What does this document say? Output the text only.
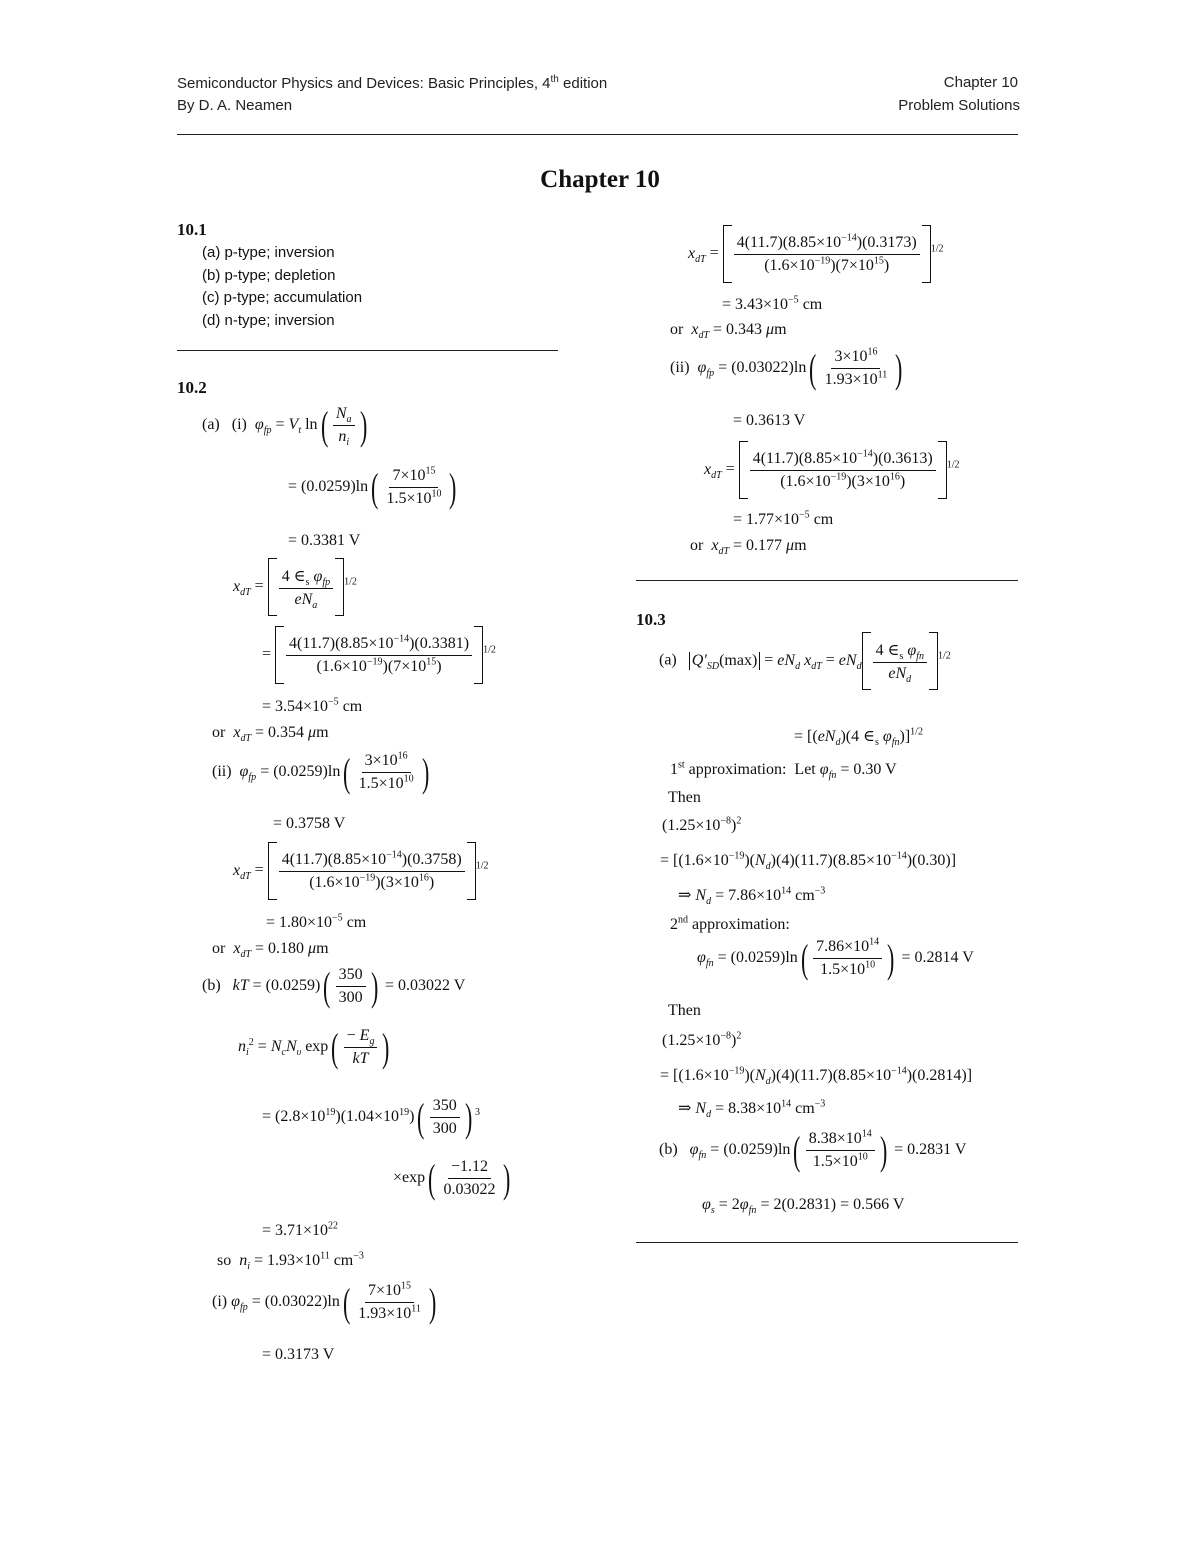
Semiconductor Physics and Devices: Basic Principles, 4th edition
By D. A. Neamen
Chapter 10
Problem Solutions
Chapter 10
10.1
(a) p-type; inversion
(b) p-type; depletion
(c) p-type; accumulation
(d) n-type; inversion
10.2
(a)   (i)  $\varphi_{fp} = V_t$ $\ln( \frac{N_a}{n_i}$ )
= $(0.0259)\ln( \frac{7\times 10^{15}}{1.5\times 10^{10}}$ )
= 0.3381 V
$x_{dT} = \frac{4 \in_s \varphi_{fp}}{eN_a} ^{1/2}$
= $\frac{4(11.7)(8.85\times 10^{-14})(0.3381)}{(1.6\times 10^{-19})(7\times 10^{15})} ^{1/2}$
= $3.54\times 10^{-5}$ cm
or  $x_{dT} = 0.354$ μm
(ii)  $\varphi_{fp} = (0.0259)\ln( \frac{3\times 10^{16}}{1.5\times 10^{10}}$ )
= 0.3758 V
$x_{dT} = \frac{4(11.7)(8.85\times 10^{-14})(0.3758)}{(1.6\times 10^{-19})(3\times 10^{16})} ^{1/2}$
= $1.80\times 10^{-5}$ cm
or  $x_{dT} = 0.180$ μm
(b)   kT = $(0.0259)( \frac{350}{300}$ ) = 0.03022 V
$n_i^2 = N_cN_\upsilon$ $\exp( \frac{- E_g}{kT}$ )
= $(2.8\times 10^{19})(1.04\times 10^{19})( \frac{350}{300}$ ) $^3$
$\times\exp( \frac{-1.12}{0.03022}$ )
= $3.71\times 10^{22}$
so  $n_i = 1.93\times 10^{11}$ $cm^{-3}$
(i) $\varphi_{fp} = (0.03022)\ln( \frac{7\times 10^{15}}{1.93\times 10^{11}}$ )
= 0.3173 V
$x_{dT} = \frac{4(11.7)(8.85\times 10^{-14})(0.3173)}{(1.6\times 10^{-19})(7\times 10^{15})} ^{1/2}$
= $3.43\times 10^{-5}$ cm
or  $x_{dT} = 0.343$ μm
(ii)  $\varphi_{fp} = (0.03022)\ln( \frac{3\times 10^{16}}{1.93\times 10^{11}}$ )
= 0.3613 V
$x_{dT} = \frac{4(11.7)(8.85\times 10^{-14})(0.3613)}{(1.6\times 10^{-19})(3\times 10^{16})} ^{1/2}$
= $1.77\times 10^{-5}$ cm
or  $x_{dT} = 0.177$ μm
10.3
(a)   $Q'_{SD}(\max) = eN_d$ $x_{dT} = eN_d \frac{4 \in_s \varphi_{fn}}{eN_d} ^{1/2}$
= [$(eN_d)(4$ $\in_s$ $\varphi_{fn})]^{1/2}$
1st approximation:  Let $\varphi_{fn} = 0.30$ V
Then
$(1.25\times 10^{-8})^2$
= $[(1.6\times 10^{-19})(N_d)(4)(11.7)(8.85\times 10^{-14})(0.30)]$
⇒ $N_d = 7.86\times 10^{14}$ $cm^{-3}$
2nd approximation:
$\varphi_{fn} = (0.0259)\ln( \frac{7.86\times 10^{14}}{1.5\times 10^{10}}$ ) = 0.2814 V
Then
$(1.25\times 10^{-8})^2$
= $[(1.6\times 10^{-19})(N_d)(4)(11.7)(8.85\times 10^{-14})(0.2814)]$
⇒ $N_d = 8.38\times 10^{14}$ $cm^{-3}$
(b)   $\varphi_{fn} = (0.0259)\ln( \frac{8.38\times 10^{14}}{1.5\times 10^{10}}$ ) = 0.2831 V
$\varphi_s = 2\varphi_{fn} = 2(0.2831) = 0.566$ V
